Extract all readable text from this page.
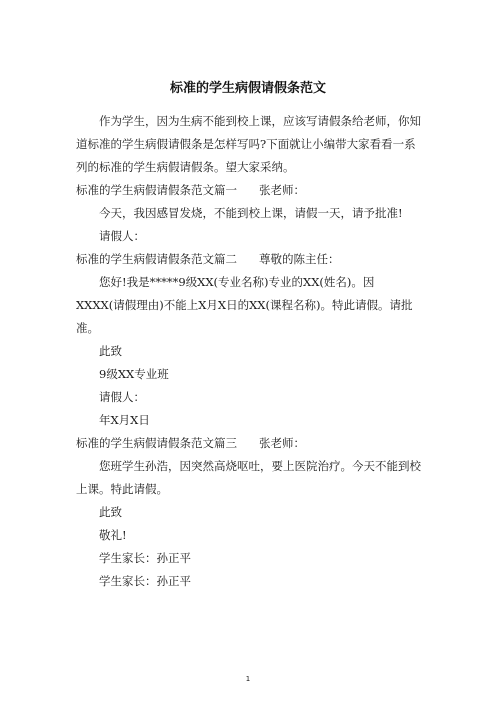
标准的学生病假请假条范文

作为学生，因为生病不能到校上课，应该写请假条给老师，你知道标准的学生病假请假条是怎样写吗?下面就让小编带大家看看一系列的标准的学生病假请假条。望大家采纳。

标准的学生病假请假条范文篇一 张老师：

今天，我因感冒发烧，不能到校上课，请假一天，请予批准!

请假人：

标准的学生病假请假条范文篇二 尊敬的陈主任：

您好!我是*****9级XX(专业名称)专业的XX(姓名)。因XXXX(请假理由)不能上X月X日的XX(课程名称)。特此请假。请批准。

此致

9级XX专业班

请假人：

年X月X日

标准的学生病假请假条范文篇三 张老师：

您班学生孙浩，因突然高烧呕吐，要上医院治疗。今天不能到校上课。特此请假。

此致

敬礼!

学生家长：孙正平

学生家长：孙正平

1
